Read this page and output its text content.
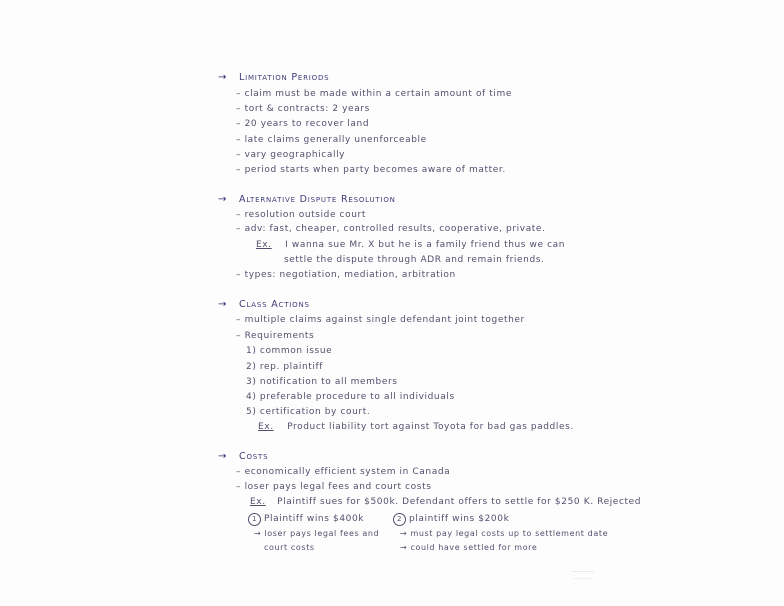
→ Limitation Periods
– claim must be made within a certain amount of time
– tort & contracts: 2 years
– 20 years to recover land
– late claims generally unenforceable
– vary geographically
– period starts when party becomes aware of matter.
→ Alternative Dispute Resolution
– resolution outside court
– adv: fast, cheaper, controlled results, cooperative, private.
Ex. I wanna sue Mr. X but he is a family friend thus we can
settle the dispute through ADR and remain friends.
– types: negotiation, mediation, arbitration
→ Class Actions
– multiple claims against single defendant joint together
– Requirements
1) common issue
2) rep. plaintiff
3) notification to all members
4) preferable procedure to all individuals
5) certification by court.
Ex. Product liability tort against Toyota for bad gas paddles.
→ Costs
– economically efficient system in Canada
– loser pays legal fees and court costs
Ex. Plaintiff sues for $500k. Defendant offers to settle for $250 K. Rejected
1 Plaintiff wins $400k
→ loser pays legal fees and
court costs
2 plaintiff wins $200k
→ must pay legal costs up to settlement date
→ could have settled for more
